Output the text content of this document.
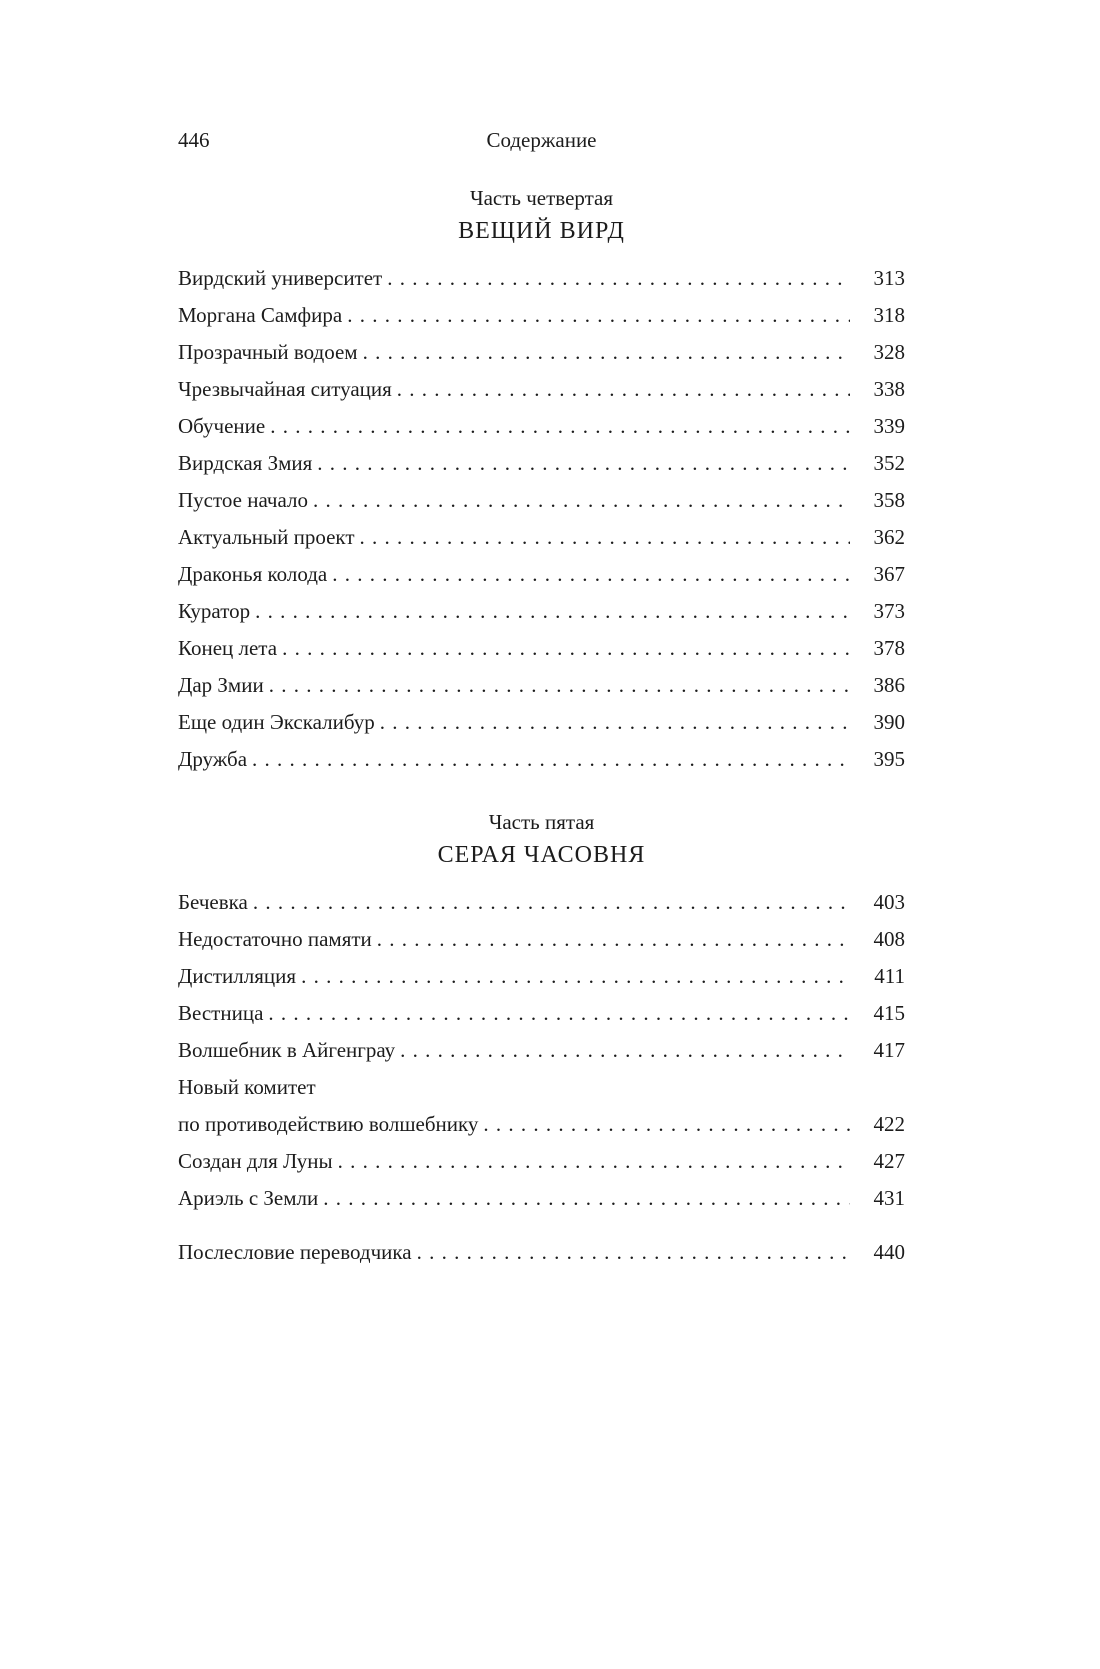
446	Содержание
Часть четвертая
ВЕЩИЙ ВИРД
Вирдский университет . . .	313
Моргана Самфира . . .	318
Прозрачный водоем . . .	328
Чрезвычайная ситуация . . .	338
Обучение . . .	339
Вирдская Змия . . .	352
Пустое начало . . .	358
Актуальный проект . . .	362
Драконья колода . . .	367
Куратор . . .	373
Конец лета . . .	378
Дар Змии . . .	386
Еще один Экскалибур . . .	390
Дружба . . .	395
Часть пятая
СЕРАЯ ЧАСОВНЯ
Бечевка . . .	403
Недостаточно памяти . . .	408
Дистилляция . . .	411
Вестница . . .	415
Волшебник в Айгенграу . . .	417
Новый комитет
по противодействию волшебнику . . .	422
Создан для Луны . . .	427
Ариэль с Земли . . .	431
Послесловие переводчика . . .	440
